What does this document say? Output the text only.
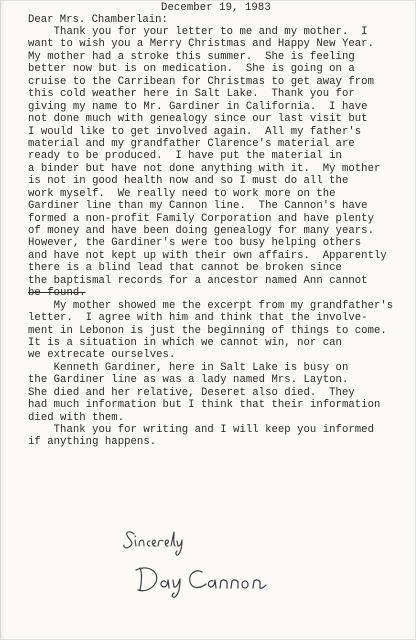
December 19, 1983
Dear Mrs. Chamberlain:
Thank you for your letter to me and my mother.  I
want to wish you a Merry Christmas and Happy New Year.
My mother had a stroke this summer.  She is feeling
better now but is on medication.  She is going on a
cruise to the Carribean for Christmas to get away from
this cold weather here in Salt Lake.  Thank you for
giving my name to Mr. Gardiner in California.  I have
not done much with genealogy since our last visit but
I would like to get involved again.  All my father's
material and my grandfather Clarence's material are
ready to be produced.  I have put the material in
a binder but have not done anything with it.  My mother
is not in good health now and so I must do all the
work myself.  We really need to work more on the
Gardiner line than my Cannon line.  The Cannon's have
formed a non-profit Family Corporation and have plenty
of money and have been doing genealogy for many years.
However, the Gardiner's were too busy helping others
and have not kept up with their own affairs.  Apparently
there is a blind lead that cannot be broken since
the baptismal records for a ancestor named Ann cannot
be found.
My mother showed me the excerpt from my grandfather's
letter.  I agree with him and think that the involve-
ment in Lebonon is just the beginning of things to come.
It is a situation in which we cannot win, nor can
we extrecate ourselves.
Kenneth Gardiner, here in Salt Lake is busy on
the Gardiner line as was a lady named Mrs. Layton.
She died and her relative, Deseret also died.  They
had much information but I think that their information
died with them.
Thank you for writing and I will keep you informed
if anything happens.
